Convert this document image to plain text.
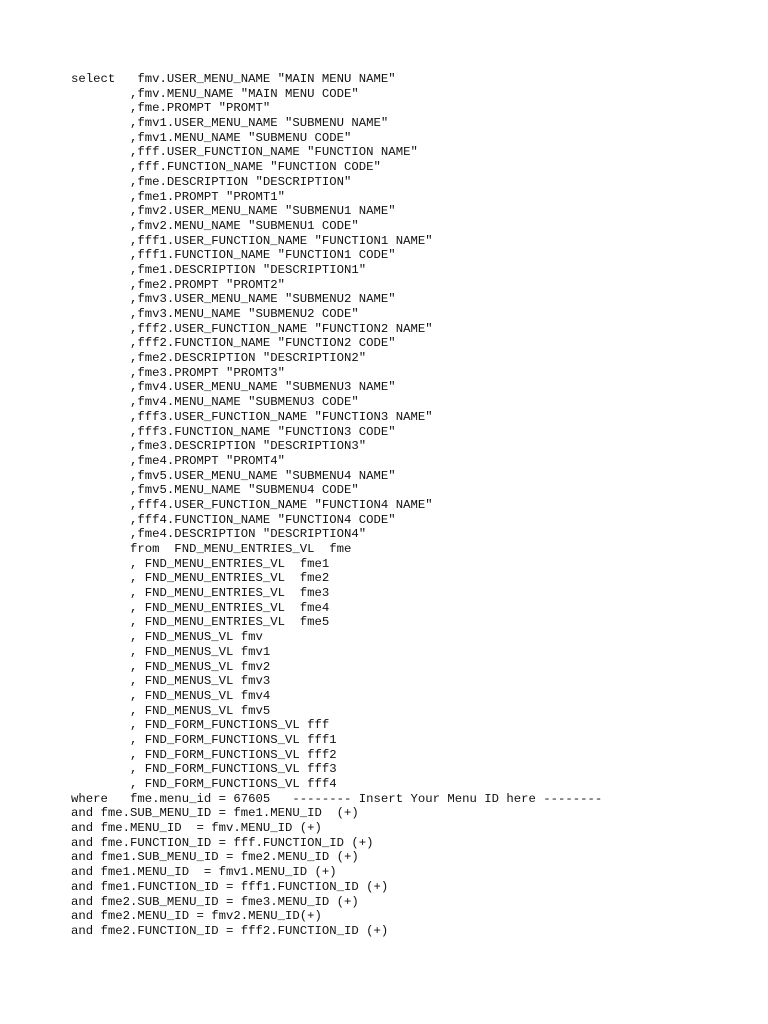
select   fmv.USER_MENU_NAME "MAIN MENU NAME"
,fmv.MENU_NAME "MAIN MENU CODE"
,fme.PROMPT "PROMT"
,fmv1.USER_MENU_NAME "SUBMENU NAME"
,fmv1.MENU_NAME "SUBMENU CODE"
,fff.USER_FUNCTION_NAME "FUNCTION NAME"
,fff.FUNCTION_NAME "FUNCTION CODE"
,fme.DESCRIPTION "DESCRIPTION"
,fme1.PROMPT "PROMT1"
,fmv2.USER_MENU_NAME "SUBMENU1 NAME"
,fmv2.MENU_NAME "SUBMENU1 CODE"
,fff1.USER_FUNCTION_NAME "FUNCTION1 NAME"
,fff1.FUNCTION_NAME "FUNCTION1 CODE"
,fme1.DESCRIPTION "DESCRIPTION1"
,fme2.PROMPT "PROMT2"
,fmv3.USER_MENU_NAME "SUBMENU2 NAME"
,fmv3.MENU_NAME "SUBMENU2 CODE"
,fff2.USER_FUNCTION_NAME "FUNCTION2 NAME"
,fff2.FUNCTION_NAME "FUNCTION2 CODE"
,fme2.DESCRIPTION "DESCRIPTION2"
,fme3.PROMPT "PROMT3"
,fmv4.USER_MENU_NAME "SUBMENU3 NAME"
,fmv4.MENU_NAME "SUBMENU3 CODE"
,fff3.USER_FUNCTION_NAME "FUNCTION3 NAME"
,fff3.FUNCTION_NAME "FUNCTION3 CODE"
,fme3.DESCRIPTION "DESCRIPTION3"
,fme4.PROMPT "PROMT4"
,fmv5.USER_MENU_NAME "SUBMENU4 NAME"
,fmv5.MENU_NAME "SUBMENU4 CODE"
,fff4.USER_FUNCTION_NAME "FUNCTION4 NAME"
,fff4.FUNCTION_NAME "FUNCTION4 CODE"
,fme4.DESCRIPTION "DESCRIPTION4"
from  FND_MENU_ENTRIES_VL  fme
, FND_MENU_ENTRIES_VL  fme1
, FND_MENU_ENTRIES_VL  fme2
, FND_MENU_ENTRIES_VL  fme3
, FND_MENU_ENTRIES_VL  fme4
, FND_MENU_ENTRIES_VL  fme5
, FND_MENUS_VL fmv
, FND_MENUS_VL fmv1
, FND_MENUS_VL fmv2
, FND_MENUS_VL fmv3
, FND_MENUS_VL fmv4
, FND_MENUS_VL fmv5
, FND_FORM_FUNCTIONS_VL fff
, FND_FORM_FUNCTIONS_VL fff1
, FND_FORM_FUNCTIONS_VL fff2
, FND_FORM_FUNCTIONS_VL fff3
, FND_FORM_FUNCTIONS_VL fff4
where   fme.menu_id = 67605   -------- Insert Your Menu ID here --------
and fme.SUB_MENU_ID = fme1.MENU_ID  (+)
and fme.MENU_ID  = fmv.MENU_ID (+)
and fme.FUNCTION_ID = fff.FUNCTION_ID (+)
and fme1.SUB_MENU_ID = fme2.MENU_ID (+)
and fme1.MENU_ID  = fmv1.MENU_ID (+)
and fme1.FUNCTION_ID = fff1.FUNCTION_ID (+)
and fme2.SUB_MENU_ID = fme3.MENU_ID (+)
and fme2.MENU_ID = fmv2.MENU_ID(+)
and fme2.FUNCTION_ID = fff2.FUNCTION_ID (+)
